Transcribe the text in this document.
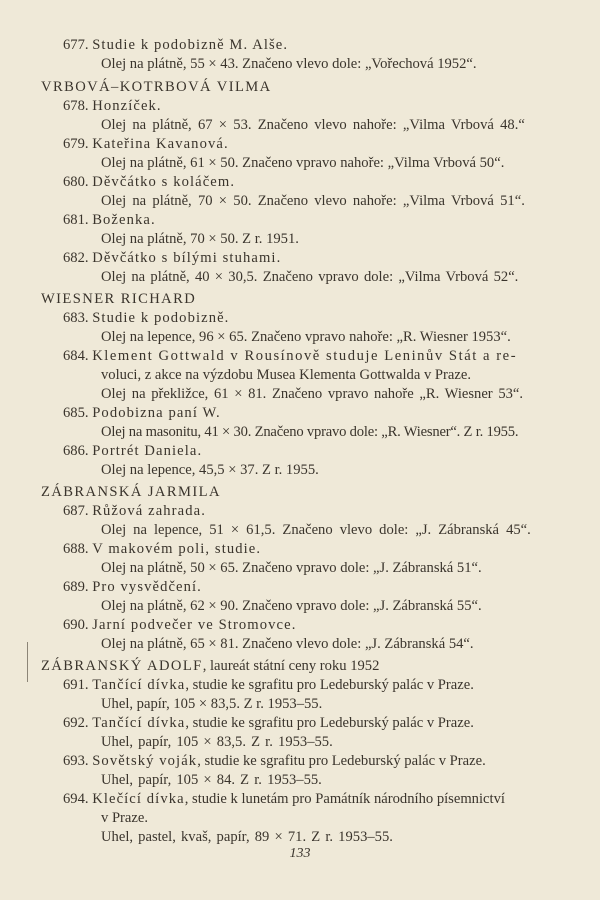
677. Studie k podobizně M. Alše.
Olej na plátně, 55 × 43. Značeno vlevo dole: „Vořechová 1952“.
VRBOVÁ–KOTRBOVÁ VILMA
678. Honzíček.
Olej na plátně, 67 × 53. Značeno vlevo nahoře: „Vilma Vrbová 48.“
679. Kateřina Kavanová.
Olej na plátně, 61 × 50. Značeno vpravo nahoře: „Vilma Vrbová 50“.
680. Děvčátko s koláčem.
Olej na plátně, 70 × 50. Značeno vlevo nahoře: „Vilma Vrbová 51“.
681. Boženka.
Olej na plátně, 70 × 50. Z r. 1951.
682. Děvčátko s bílými stuhami.
Olej na plátně, 40 × 30,5. Značeno vpravo dole: „Vilma Vrbová 52“.
WIESNER RICHARD
683. Studie k podobizně.
Olej na lepence, 96 × 65. Značeno vpravo nahoře: „R. Wiesner 1953“.
684. Klement Gottwald v Rousínově studuje Leninův Stát a re-
voluci, z akce na výzdobu Musea Klementa Gottwalda v Praze.
Olej na překližce, 61 × 81. Značeno vpravo nahoře „R. Wiesner 53“.
685. Podobizna paní W.
Olej na masonitu, 41 × 30. Značeno vpravo dole: „R. Wiesner“. Z r. 1955.
686. Portrét Daniela.
Olej na lepence, 45,5 × 37. Z r. 1955.
ZÁBRANSKÁ JARMILA
687. Růžová zahrada.
Olej na lepence, 51 × 61,5. Značeno vlevo dole: „J. Zábranská 45“.
688. V makovém poli, studie.
Olej na plátně, 50 × 65. Značeno vpravo dole: „J. Zábranská 51“.
689. Pro vysvědčení.
Olej na plátně, 62 × 90. Značeno vpravo dole: „J. Zábranská 55“.
690. Jarní podvečer ve Stromovce.
Olej na plátně, 65 × 81. Značeno vlevo dole: „J. Zábranská 54“.
ZÁBRANSKÝ ADOLF, laureát státní ceny roku 1952
691. Tančící dívka, studie ke sgrafitu pro Ledeburský palác v Praze.
Uhel, papír, 105 × 83,5. Z r. 1953–55.
692. Tančící dívka, studie ke sgrafitu pro Ledeburský palác v Praze.
Uhel, papír, 105 × 83,5. Z r. 1953–55.
693. Sovětský voják, studie ke sgrafitu pro Ledeburský palác v Praze.
Uhel, papír, 105 × 84. Z r. 1953–55.
694. Klečící dívka, studie k lunetám pro Památník národního písemnictví
v Praze.
Uhel, pastel, kvaš, papír, 89 × 71. Z r. 1953–55.
133
